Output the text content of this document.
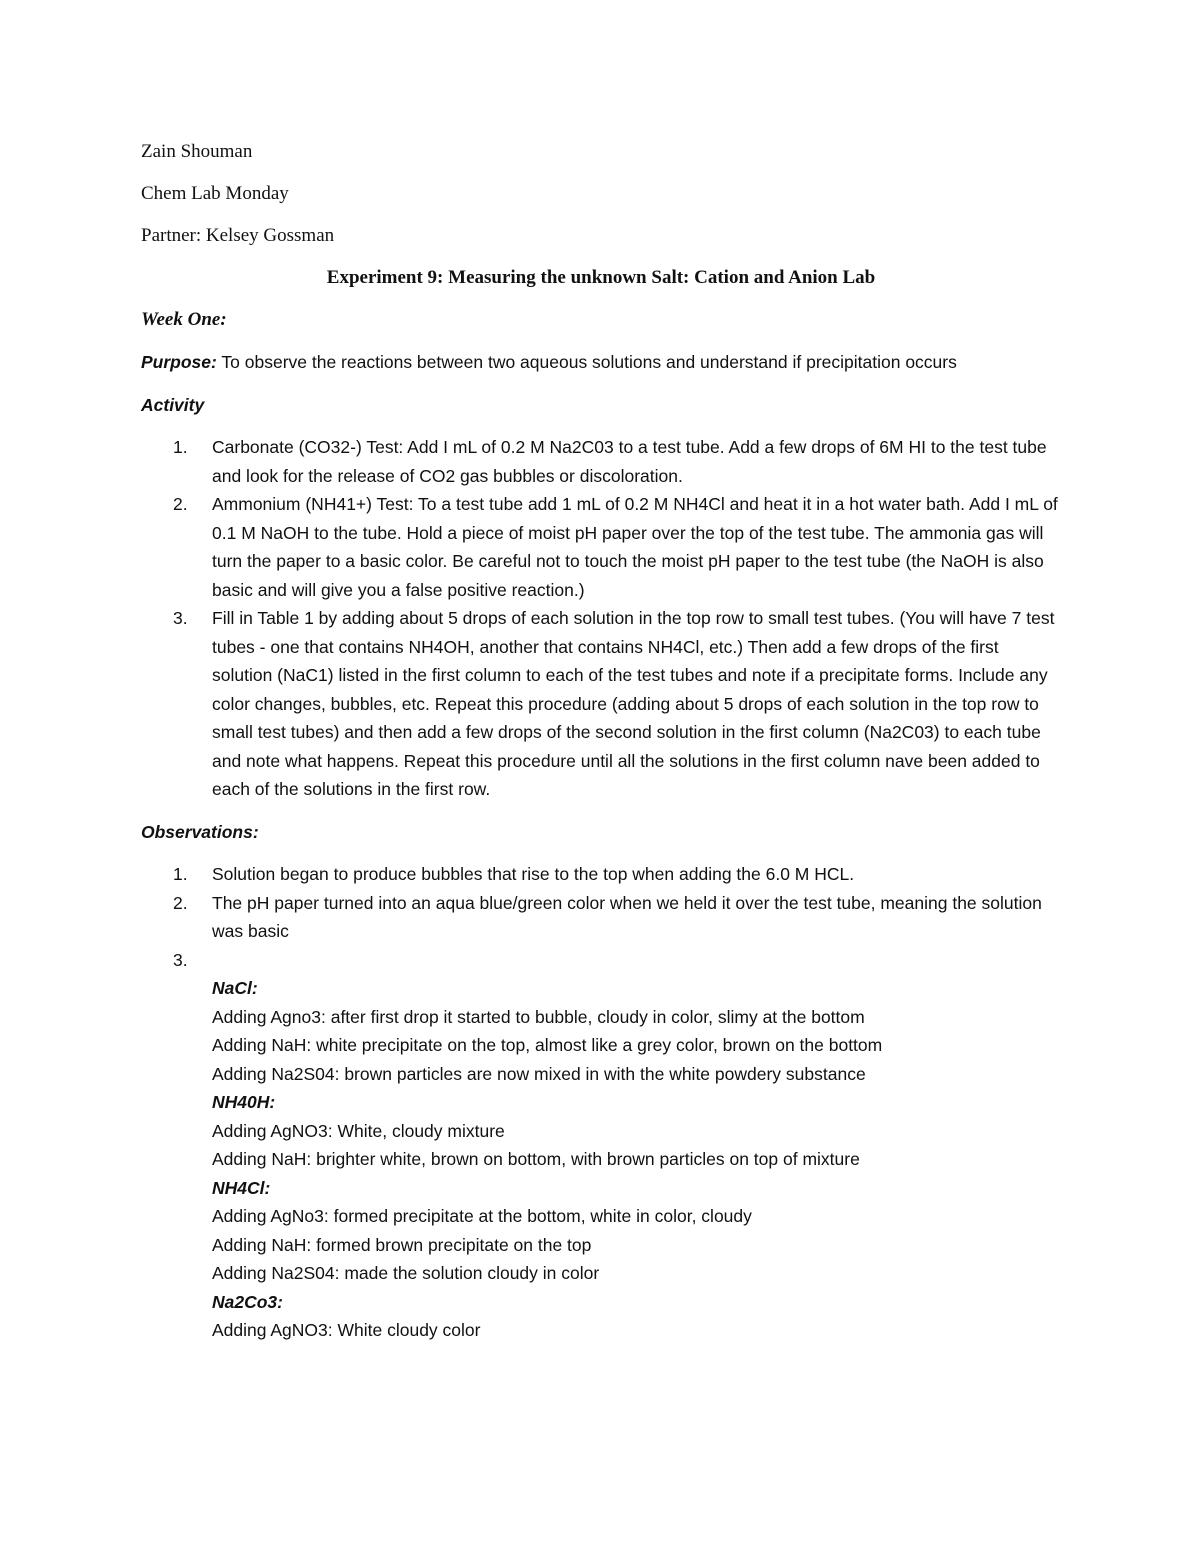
Zain Shouman
Chem Lab Monday
Partner: Kelsey Gossman
Experiment 9: Measuring the unknown Salt: Cation and Anion Lab
Week One:
Purpose: To observe the reactions between two aqueous solutions and understand if precipitation occurs
Activity
1. Carbonate (CO32-) Test: Add I mL of 0.2 M Na2C03 to a test tube. Add a few drops of 6M HI to the test tube and look for the release of CO2 gas bubbles or discoloration.
2. Ammonium (NH41+) Test: To a test tube add 1 mL of 0.2 M NH4Cl and heat it in a hot water bath. Add I mL of 0.1 M NaOH to the tube. Hold a piece of moist pH paper over the top of the test tube. The ammonia gas will turn the paper to a basic color. Be careful not to touch the moist pH paper to the test tube (the NaOH is also basic and will give you a false positive reaction.)
3. Fill in Table 1 by adding about 5 drops of each solution in the top row to small test tubes. (You will have 7 test tubes - one that contains NH4OH, another that contains NH4Cl, etc.) Then add a few drops of the first solution (NaC1) listed in the first column to each of the test tubes and note if a precipitate forms. Include any color changes, bubbles, etc. Repeat this procedure (adding about 5 drops of each solution in the top row to small test tubes) and then add a few drops of the second solution in the first column (Na2C03) to each tube and note what happens. Repeat this procedure until all the solutions in the first column nave been added to each of the solutions in the first row.
Observations:
1. Solution began to produce bubbles that rise to the top when adding the 6.0 M HCL.
2. The pH paper turned into an aqua blue/green color when we held it over the test tube, meaning the solution was basic
3.

NaCl:
Adding Agno3: after first drop it started to bubble, cloudy in color, slimy at the bottom
Adding NaH: white precipitate on the top, almost like a grey color, brown on the bottom
Adding Na2S04: brown particles are now mixed in with the white powdery substance
NH40H:
Adding AgNO3: White, cloudy mixture
Adding NaH: brighter white, brown on bottom, with brown particles on top of mixture
NH4Cl:
Adding AgNo3: formed precipitate at the bottom, white in color, cloudy
Adding NaH: formed brown precipitate on the top
Adding Na2S04: made the solution cloudy in color
Na2Co3:
Adding AgNO3: White cloudy color
